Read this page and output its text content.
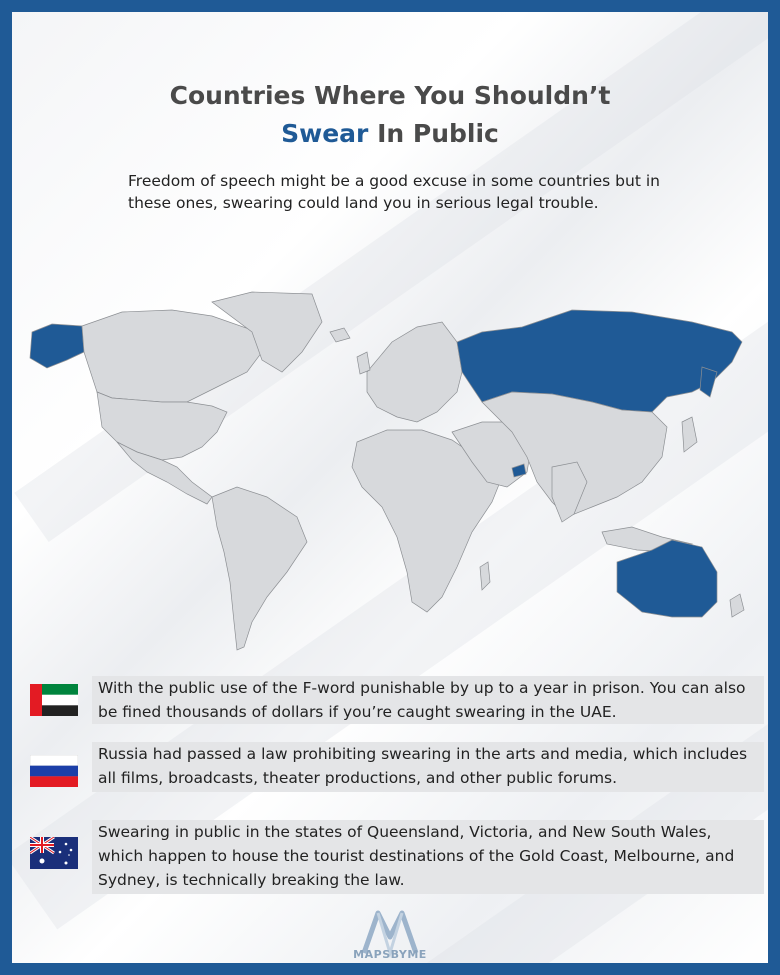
Countries Where You Shouldn’t
Swear In Public
Freedom of speech might be a good excuse in some countries but in these ones, swearing could land you in serious legal trouble.
With the public use of the F-word punishable by up to a year in prison. You can also be fined thousands of dollars if you’re caught swearing in the UAE.
Russia had passed a law prohibiting swearing in the arts and media, which includes all films, broadcasts, theater productions, and other public forums.
Swearing in public in the states of Queensland, Victoria, and New South Wales, which happen to house the tourist destinations of the Gold Coast, Melbourne, and Sydney, is technically breaking the law.
MAPSBYME
